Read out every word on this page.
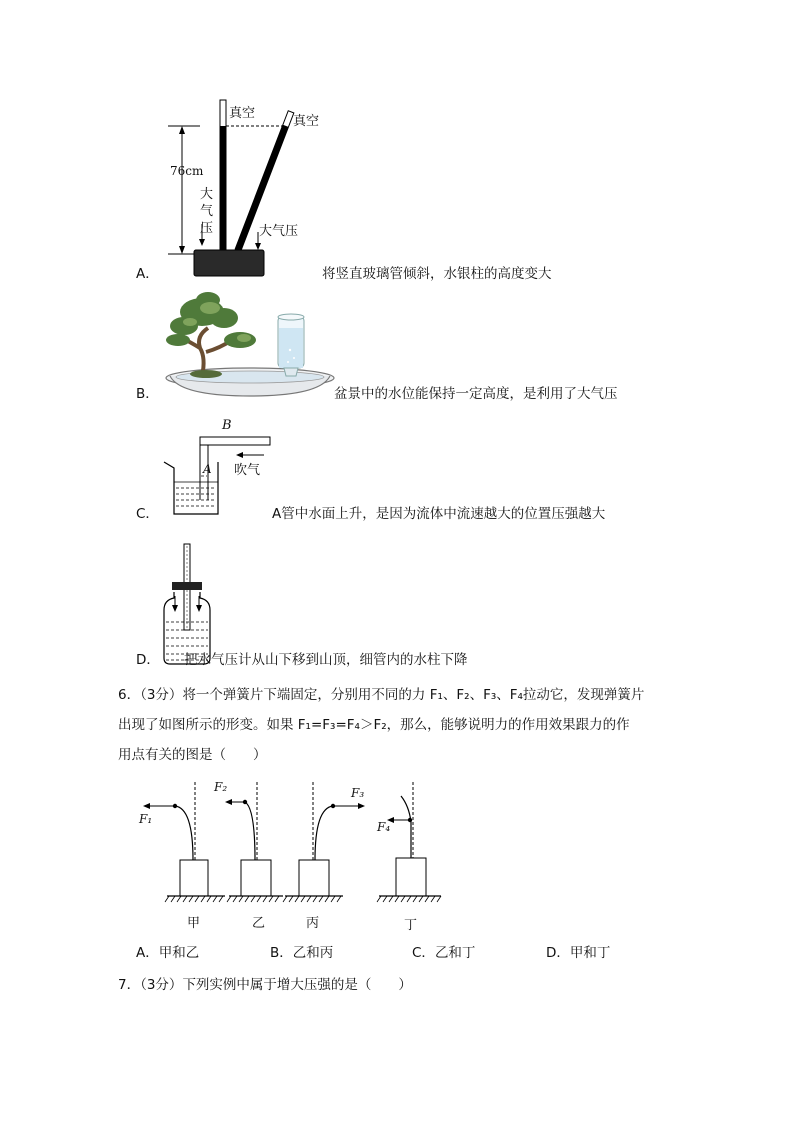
真空
真空
76cm
大
气
压	大气压
A．	将竖直玻璃管倾斜，水银柱的高度变大
B．	盆景中的水位能保持一定高度，是利用了大气压
B
A 吹气
C．	A管中水面上升，是因为流体中流速越大的位置压强越大
D． 把水气压计从山下移到山顶，细管内的水柱下降
6．（3分）将一个弹簧片下端固定，分别用不同的力 F₁、F₂、F₃、F₄拉动它，发现弹簧片
出现了如图所示的形变。如果 F₁=F₃=F₄＞F₂，那么，能够说明力的作用效果跟力的作
用点有关的图是（　　）
F₁
F₂	F₃
F₄
甲	乙	丙	丁
A．甲和乙	B．乙和丙	C．乙和丁	D．甲和丁
7．（3分）下列实例中属于增大压强的是（　　）
